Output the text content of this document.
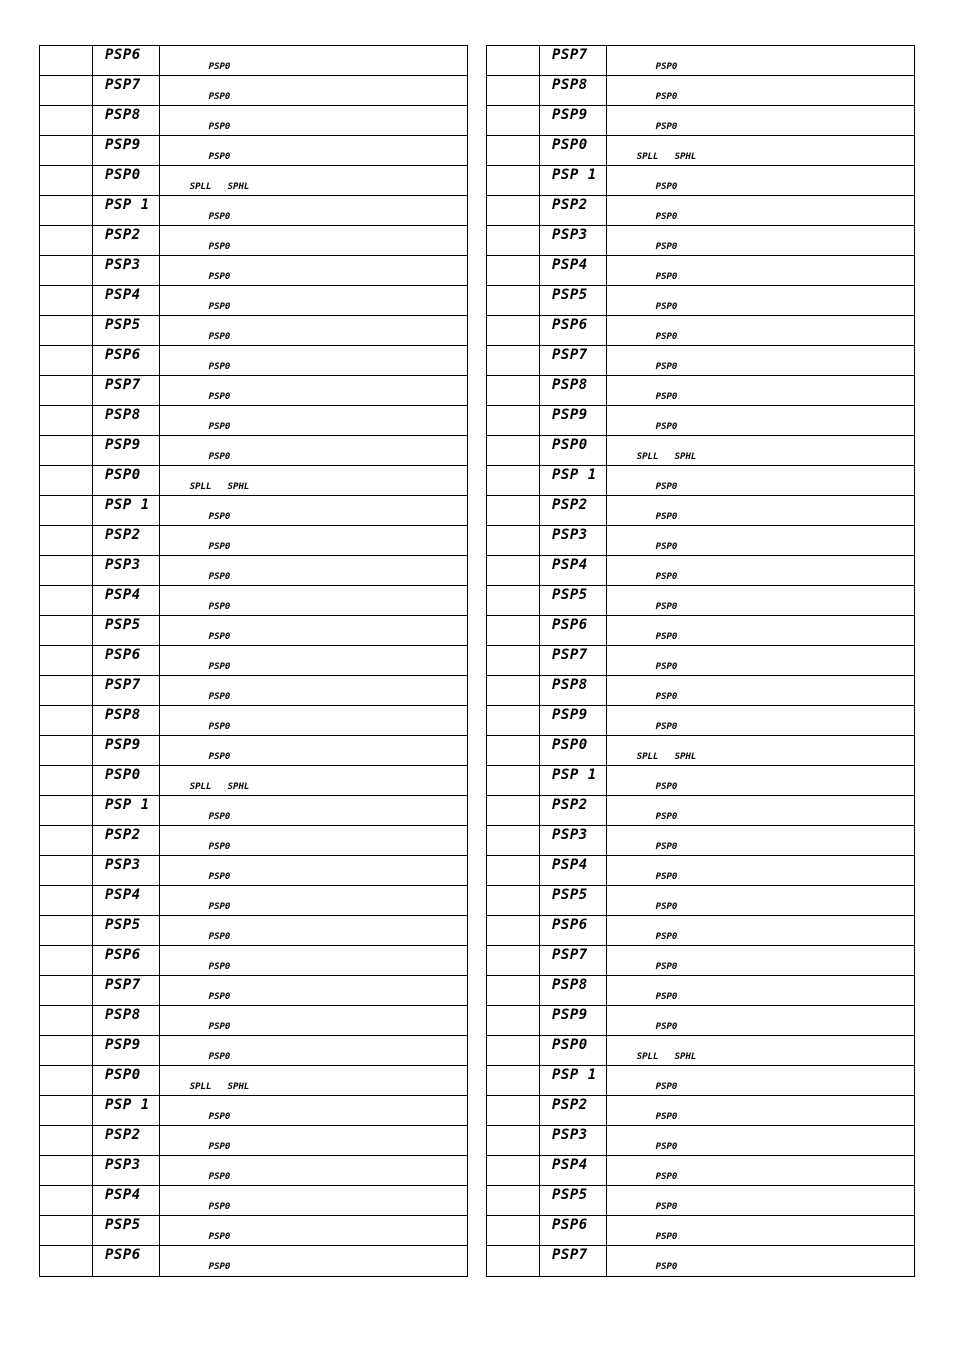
PSP6
PSP0
PSP7
PSP0
PSP8
PSP0
PSP9
PSP0
PSP0
SPLL   SPHL
PSP 1
PSP0
PSP2
PSP0
PSP3
PSP0
PSP4
PSP0
PSP5
PSP0
PSP6
PSP0
PSP7
PSP0
PSP8
PSP0
PSP9
PSP0
PSP0
SPLL   SPHL
PSP 1
PSP0
PSP2
PSP0
PSP3
PSP0
PSP4
PSP0
PSP5
PSP0
PSP6
PSP0
PSP7
PSP0
PSP8
PSP0
PSP9
PSP0
PSP0
SPLL   SPHL
PSP 1
PSP0
PSP2
PSP0
PSP3
PSP0
PSP4
PSP0
PSP5
PSP0
PSP6
PSP0
PSP7
PSP0
PSP8
PSP0
PSP9
PSP0
PSP0
SPLL   SPHL
PSP 1
PSP0
PSP2
PSP0
PSP3
PSP0
PSP4
PSP0
PSP5
PSP0
PSP6
PSP0
PSP7
PSP0
PSP8
PSP0
PSP9
PSP0
PSP0
SPLL   SPHL
PSP 1
PSP0
PSP2
PSP0
PSP3
PSP0
PSP4
PSP0
PSP5
PSP0
PSP6
PSP0
PSP7
PSP0
PSP8
PSP0
PSP9
PSP0
PSP0
SPLL   SPHL
PSP 1
PSP0
PSP2
PSP0
PSP3
PSP0
PSP4
PSP0
PSP5
PSP0
PSP6
PSP0
PSP7
PSP0
PSP8
PSP0
PSP9
PSP0
PSP0
SPLL   SPHL
PSP 1
PSP0
PSP2
PSP0
PSP3
PSP0
PSP4
PSP0
PSP5
PSP0
PSP6
PSP0
PSP7
PSP0
PSP8
PSP0
PSP9
PSP0
PSP0
SPLL   SPHL
PSP 1
PSP0
PSP2
PSP0
PSP3
PSP0
PSP4
PSP0
PSP5
PSP0
PSP6
PSP0
PSP7
PSP0
